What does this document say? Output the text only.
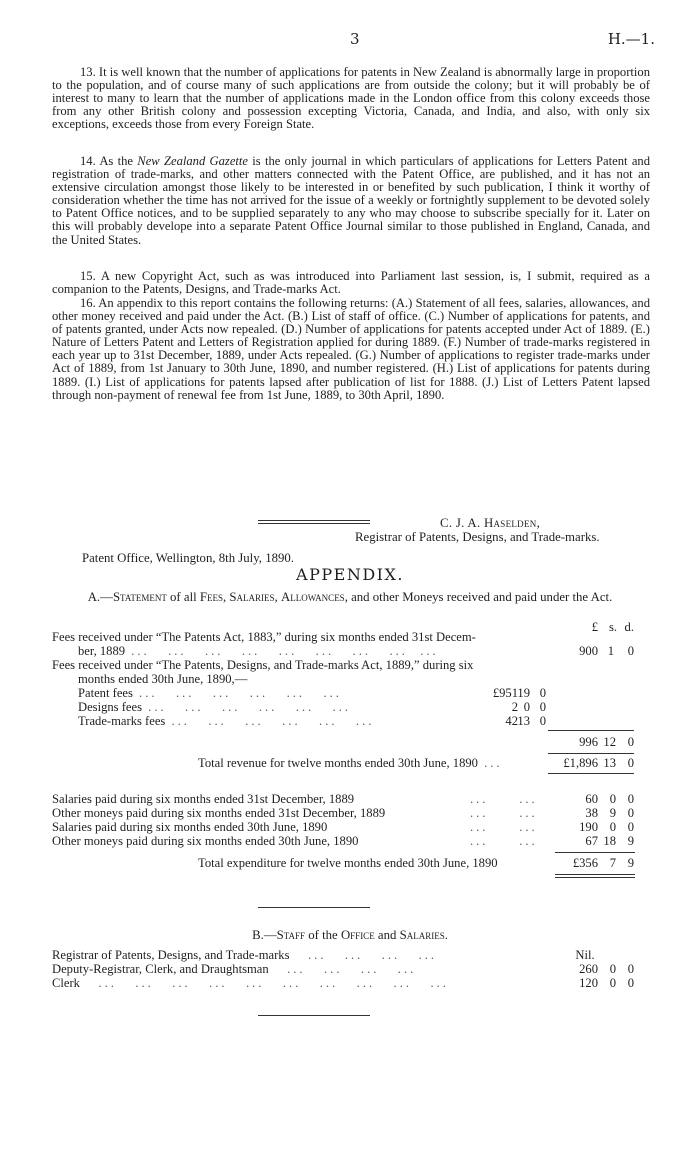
3	H.—1.
13. It is well known that the number of applications for patents in New Zealand is abnormally large in proportion to the population, and of course many of such applications are from outside the colony; but it will probably be of interest to many to learn that the number of applications made in the London office from this colony exceeds those from any other British colony and possession excepting Victoria, Canada, and India, and also, with only six exceptions, exceeds those from every Foreign State.
14. As the New Zealand Gazette is the only journal in which particulars of applications for Letters Patent and registration of trade-marks, and other matters connected with the Patent Office, are published, and it has not an extensive circulation amongst those likely to be interested in or benefited by such publication, I think it worthy of consideration whether the time has not arrived for the issue of a weekly or fortnightly supplement to be devoted solely to Patent Office notices, and to be supplied separately to any who may choose to subscribe specially for it. Later on this will probably develope into a separate Patent Office Journal similar to those published in England, Canada, and the United States.
15. A new Copyright Act, such as was introduced into Parliament last session, is, I submit, required as a companion to the Patents, Designs, and Trade-marks Act.
16. An appendix to this report contains the following returns: (A.) Statement of all fees, salaries, allowances, and other money received and paid under the Act. (B.) List of staff of office. (C.) Number of applications for patents, and of patents granted, under Acts now repealed. (D.) Number of applications for patents accepted under Act of 1889. (E.) Nature of Letters Patent and Letters of Registration applied for during 1889. (F.) Number of trade-marks registered in each year up to 31st December, 1889, under Acts repealed. (G.) Number of applications to register trade-marks under Act of 1889, from 1st January to 30th June, 1890, and number registered. (H.) List of applications for patents during 1889. (I.) List of applications for patents lapsed after publication of list for 1888. (J.) List of Letters Patent lapsed through non-payment of renewal fee from 1st June, 1889, to 30th April, 1890.
C. J. A. Haselden,
Registrar of Patents, Designs, and Trade-marks.
Patent Office, Wellington, 8th July, 1890.
APPENDIX.
A.—Statement of all Fees, Salaries, Allowances, and other Moneys received and paid under the Act.
£ s. d.
Fees received under “The Patents Act, 1883,” during six months ended 31st Decem-
ber, 1889 ...   ...   ...   ...   ...   ...   ...   ...  ...	900 1	0
Fees received under “The Patents, Designs, and Trade-marks Act, 1889,” during six
months ended 30th June, 1890,—
Patent fees ...   ...   ...   ...   ...   ...	£951 19 0
Designs fees ...   ...   ...   ...   ...   ...	2 0 0
Trade-marks fees ...   ...   ...   ...   ...   ...	42 13 0
996 12 0
Total revenue for twelve months ended 30th June, 1890 ...	£1,896 13 0
Salaries paid during six months ended 31st December, 1889	...     ...	60 0 0
Other moneys paid during six months ended 31st December, 1889	...     ...	38 9 0
Salaries paid during six months ended 30th June, 1890	...     ...	190 0 0
Other moneys paid during six months ended 30th June, 1890	...     ...	67 18 9
Total expenditure for twelve months ended 30th June, 1890	£356 7 9
B.—Staff of the Office and Salaries.
Registrar of Patents, Designs, and Trade-marks   ...   ...   ...   ...	Nil.
Deputy-Registrar, Clerk, and Draughtsman   ...   ...   ...   ...	260 0 0
Clerk   ...   ...   ...   ...   ...   ...   ...   ...   ...   ...	120 0 0
